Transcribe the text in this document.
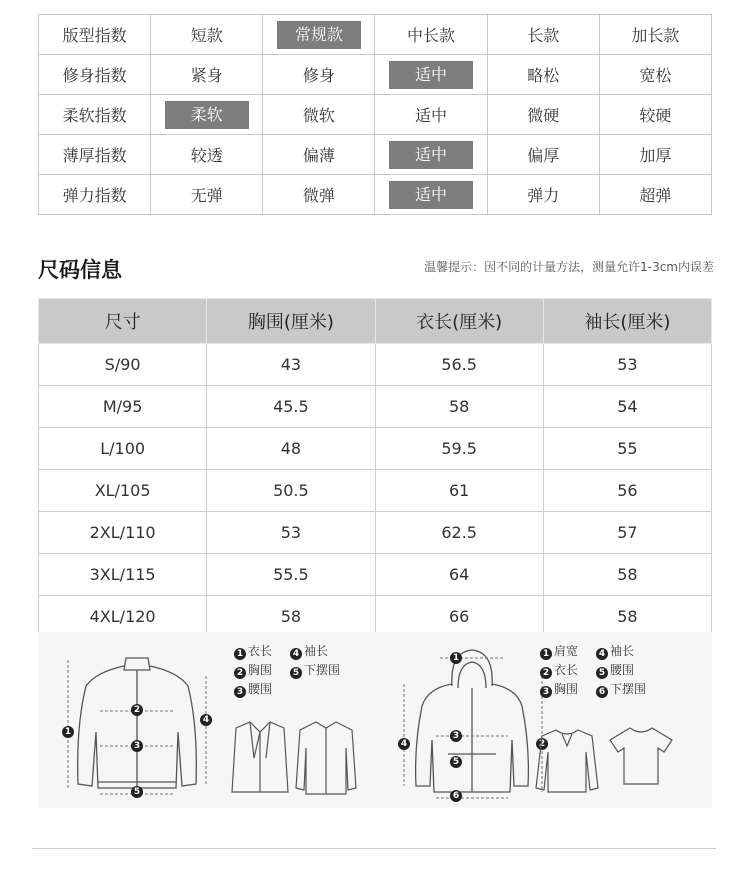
版型指数	短款	常规款	中长款	长款	加长款
修身指数	紧身	修身	适中	略松	宽松
柔软指数	柔软	微软	适中	微硬	较硬
薄厚指数	较透	偏薄	适中	偏厚	加厚
弹力指数	无弹	微弹	适中	弹力	超弹
尺码信息	温馨提示：因不同的计量方法，测量允许1-3cm内误差
尺寸	胸围(厘米)	衣长(厘米)	袖长(厘米)
S/90	43	56.5	53
M/95	45.5	58	54
L/100	48	59.5	55
XL/105	50.5	61	56
2XL/110	53	62.5	57
3XL/115	55.5	64	58
4XL/120	58	66	58
1
2
3
4
5
1 衣长 4 袖长
2 胸围 5 下摆围
3 腰围
1
2
3
4
5
6
1 肩宽 4 袖长
2 衣长 5 腰围
3 胸围 6 下摆围
